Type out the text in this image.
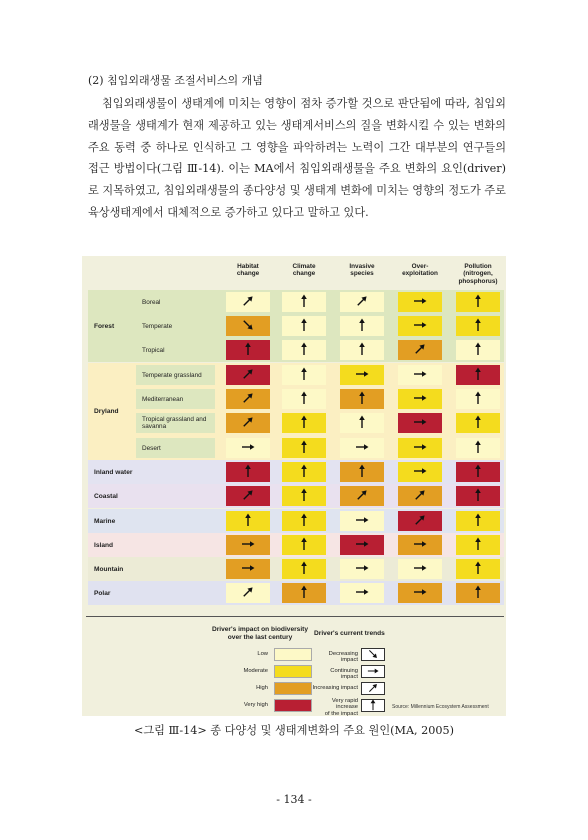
(2) 침입외래생물 조절서비스의 개념

침입외래생물이 생태계에 미치는 영향이 점차 증가할 것으로 판단됨에 따라, 침입외래생물을 생태계가 현재 제공하고 있는 생태계서비스의 질을 변화시킬 수 있는 변화의 주요 동력 중 하나로 인식하고 그 영향을 파악하려는 노력이 그간 대부분의 연구들의 접근 방법이다(그림 Ⅲ-14). 이는 MA에서 침입외래생물을 주요 변화의 요인(driver)로 지목하였고, 침입외래생물의 종다양성 및 생태계 변화에 미치는 영향의 정도가 주로 육상생태계에서 대체적으로 증가하고 있다고 말하고 있다.

Habitat
change
Climate
change
Invasive
species
Over-
exploitation
Pollution
(nitrogen,
phosphorus)
Forest
Boreal
Temperate
Tropical
Dryland
Temperate grassland
Mediterranean
Tropical grassland and savanna
Desert
Inland water
Coastal
Marine
Island
Mountain
Polar
Driver's impact on biodiversity
over the last century
Driver's current trends
Low
Moderate
High
Very high
Decreasing impact
Continuing impact
Increasing impact
Very rapid increase
of the impact
Source: Millennium Ecosystem Assessment
<그림 Ⅲ-14> 종 다양성 및 생태계변화의 주요 원인(MA, 2005)
- 134 -
